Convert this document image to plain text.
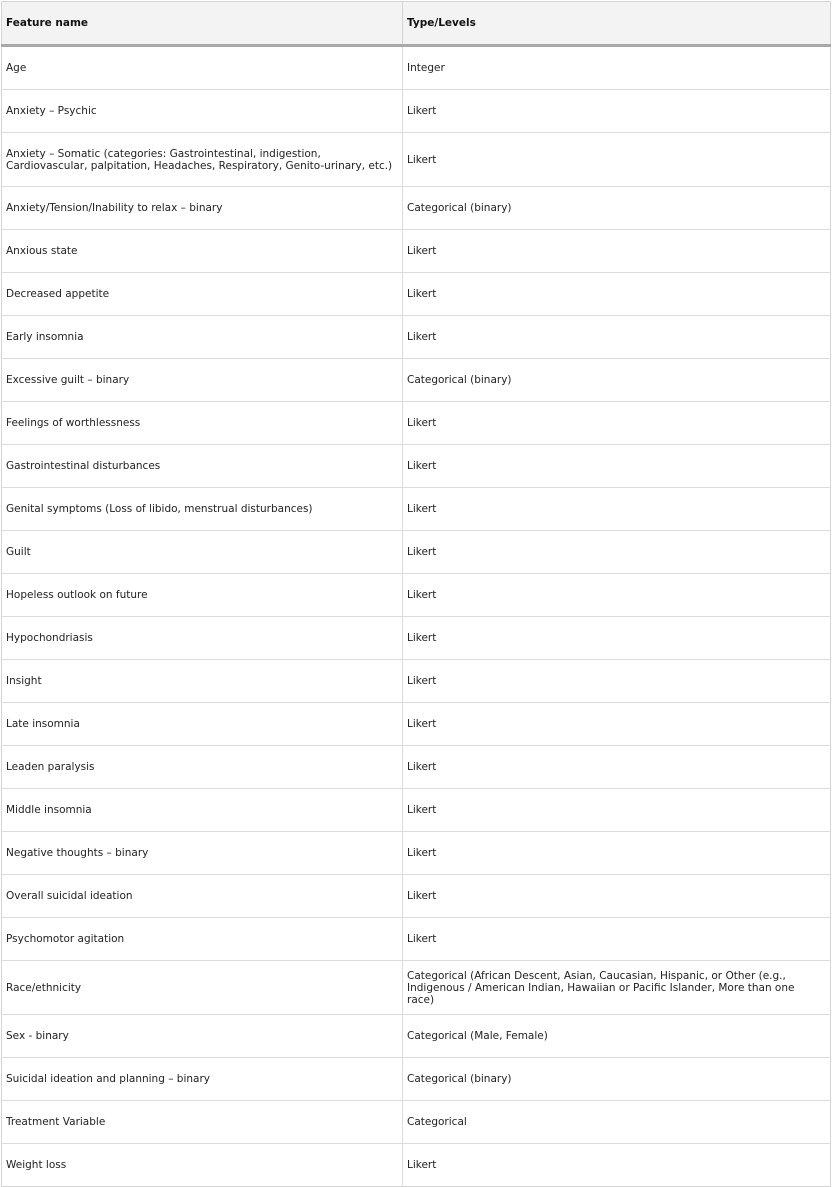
Feature name	Type/Levels
Age	Integer
Anxiety – Psychic	Likert
Anxiety – Somatic (categories: Gastrointestinal, indigestion, Cardiovascular, palpitation, Headaches, Respiratory, Genito-urinary, etc.)	Likert
Anxiety/Tension/Inability to relax – binary	Categorical (binary)
Anxious state	Likert
Decreased appetite	Likert
Early insomnia	Likert
Excessive guilt – binary	Categorical (binary)
Feelings of worthlessness	Likert
Gastrointestinal disturbances	Likert
Genital symptoms (Loss of libido, menstrual disturbances)	Likert
Guilt	Likert
Hopeless outlook on future	Likert
Hypochondriasis	Likert
Insight	Likert
Late insomnia	Likert
Leaden paralysis	Likert
Middle insomnia	Likert
Negative thoughts – binary	Likert
Overall suicidal ideation	Likert
Psychomotor agitation	Likert
Race/ethnicity	Categorical (African Descent, Asian, Caucasian, Hispanic, or Other (e.g., Indigenous / American Indian, Hawaiian or Pacific Islander, More than one race)
Sex - binary	Categorical (Male, Female)
Suicidal ideation and planning – binary	Categorical (binary)
Treatment Variable	Categorical
Weight loss	Likert
